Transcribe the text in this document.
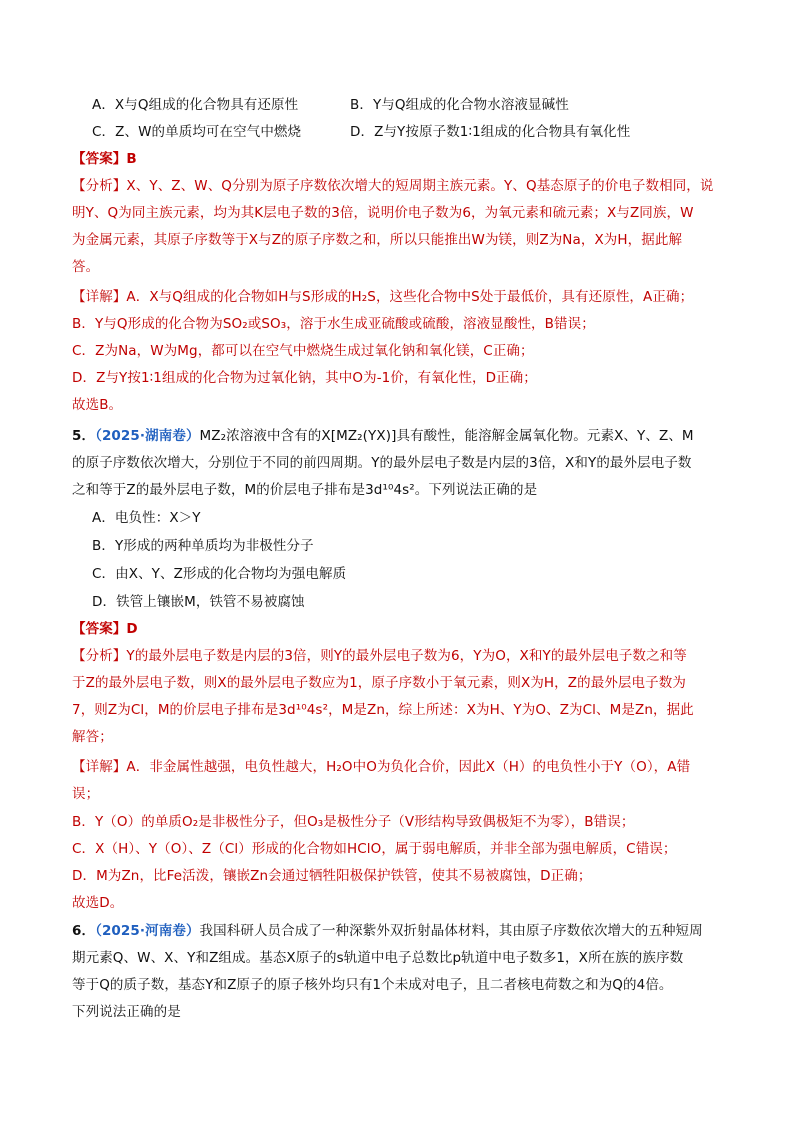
A．X与Q组成的化合物具有还原性	B．Y与Q组成的化合物水溶液显碱性
C．Z、W的单质均可在空气中燃烧	D．Z与Y按原子数1∶1组成的化合物具有氧化性
【答案】B
【分析】X、Y、Z、W、Q分别为原子序数依次增大的短周期主族元素。Y、Q基态原子的价电子数相同，说
明Y、Q为同主族元素，均为其K层电子数的3倍，说明价电子数为6，为氧元素和硫元素；X与Z同族，W
为金属元素，其原子序数等于X与Z的原子序数之和，所以只能推出W为镁，则Z为Na，X为H，据此解
答。
【详解】A．X与Q组成的化合物如H与S形成的H₂S，这些化合物中S处于最低价，具有还原性，A正确；
B．Y与Q形成的化合物为SO₂或SO₃，溶于水生成亚硫酸或硫酸，溶液显酸性，B错误；
C．Z为Na，W为Mg，都可以在空气中燃烧生成过氧化钠和氧化镁，C正确；
D．Z与Y按1∶1组成的化合物为过氧化钠，其中O为-1价，有氧化性，D正确；
故选B。
5．（2025·湖南卷）MZ₂浓溶液中含有的X[MZ₂(YX)]具有酸性，能溶解金属氧化物。元素X、Y、Z、M
的原子序数依次增大，分别位于不同的前四周期。Y的最外层电子数是内层的3倍，X和Y的最外层电子数
之和等于Z的最外层电子数，M的价层电子排布是3d¹⁰4s²。下列说法正确的是
A．电负性：X＞Y
B．Y形成的两种单质均为非极性分子
C．由X、Y、Z形成的化合物均为强电解质
D．铁管上镶嵌M，铁管不易被腐蚀
【答案】D
【分析】Y的最外层电子数是内层的3倍，则Y的最外层电子数为6，Y为O，X和Y的最外层电子数之和等
于Z的最外层电子数，则X的最外层电子数应为1，原子序数小于氧元素，则X为H，Z的最外层电子数为
7，则Z为Cl，M的价层电子排布是3d¹⁰4s²，M是Zn，综上所述：X为H、Y为O、Z为Cl、M是Zn，据此
解答；
【详解】A．非金属性越强，电负性越大，H₂O中O为负化合价，因此X（H）的电负性小于Y（O），A错
误；
B．Y（O）的单质O₂是非极性分子，但O₃是极性分子（V形结构导致偶极矩不为零），B错误；
C．X（H）、Y（O）、Z（Cl）形成的化合物如HClO，属于弱电解质，并非全部为强电解质，C错误；
D．M为Zn，比Fe活泼，镶嵌Zn会通过牺牲阳极保护铁管，使其不易被腐蚀，D正确；
故选D。
6．（2025·河南卷）我国科研人员合成了一种深紫外双折射晶体材料，其由原子序数依次增大的五种短周
期元素Q、W、X、Y和Z组成。基态X原子的s轨道中电子总数比p轨道中电子数多1，X所在族的族序数
等于Q的质子数，基态Y和Z原子的原子核外均只有1个未成对电子，且二者核电荷数之和为Q的4倍。
下列说法正确的是
